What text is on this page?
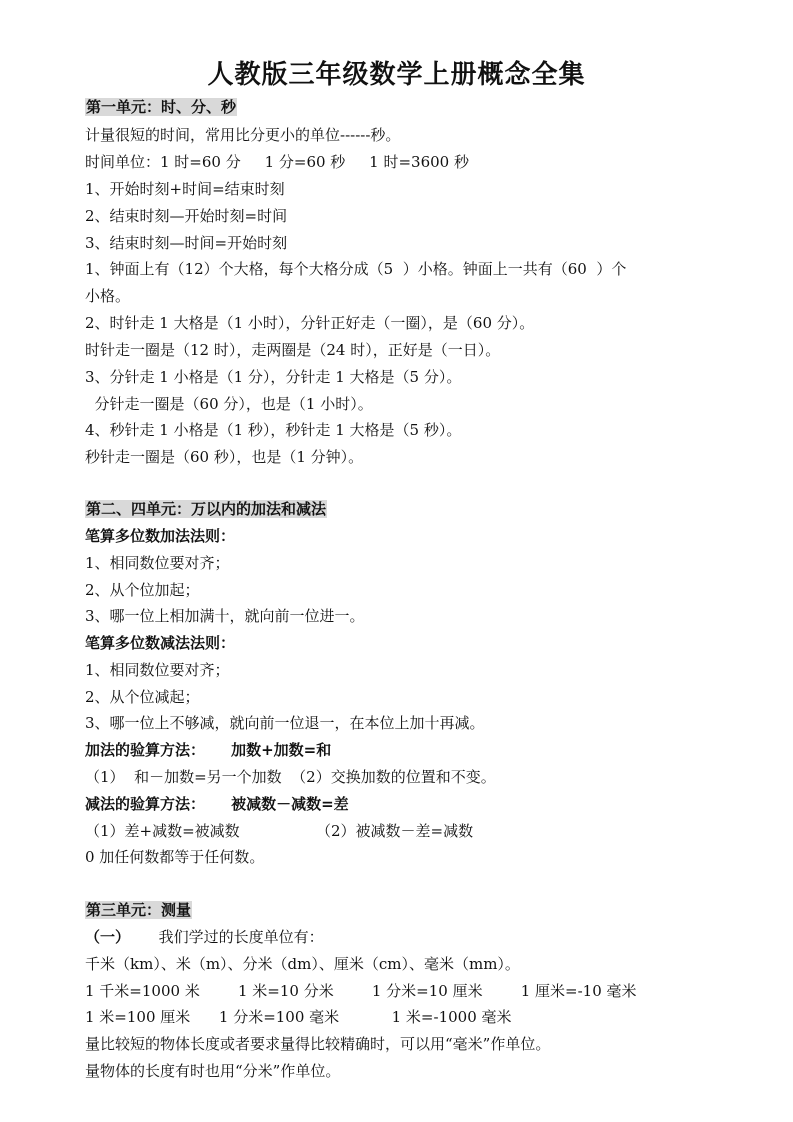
人教版三年级数学上册概念全集
第一单元：时、分、秒
计量很短的时间，常用比分更小的单位------秒。
时间单位：1 时=60 分     1 分=60 秒     1 时=3600 秒
1、开始时刻+时间=结束时刻
2、结束时刻—开始时刻=时间
3、结束时刻—时间=开始时刻
1、钟面上有（12）个大格，每个大格分成（5  ）小格。钟面上一共有（60  ）个
小格。
2、时针走 1 大格是（1 小时），分针正好走（一圈），是（60 分）。
时针走一圈是（12 时），走两圈是（24 时），正好是（一日）。
3、分针走 1 小格是（1 分），分针走 1 大格是（5 分）。
分针走一圈是（60 分），也是（1 小时）。
4、秒针走 1 小格是（1 秒），秒针走 1 大格是（5 秒）。
秒针走一圈是（60 秒），也是（1 分钟）。
第二、四单元：万以内的加法和减法
笔算多位数加法法则：
1、相同数位要对齐；
2、从个位加起；
3、哪一位上相加满十，就向前一位进一。
笔算多位数减法法则：
1、相同数位要对齐；
2、从个位减起；
3、哪一位上不够减，就向前一位退一，在本位上加十再减。
加法的验算方法：     加数+加数=和
（1）  和－加数=另一个加数  （2）交换加数的位置和不变。
减法的验算方法：     被减数－减数=差
（1）差+减数=被减数                （2）被减数－差=减数
0 加任何数都等于任何数。
第三单元：测量
（一）      我们学过的长度单位有：
千米（km）、米（m）、分米（dm）、厘米（cm）、毫米（mm）。
1 千米=1000 米        1 米=10 分米        1 分米=10 厘米        1 厘米=-10 毫米
1 米=100 厘米      1 分米=100 毫米           1 米=-1000 毫米
量比较短的物体长度或者要求量得比较精确时，可以用“毫米”作单位。
量物体的长度有时也用“分米”作单位。
